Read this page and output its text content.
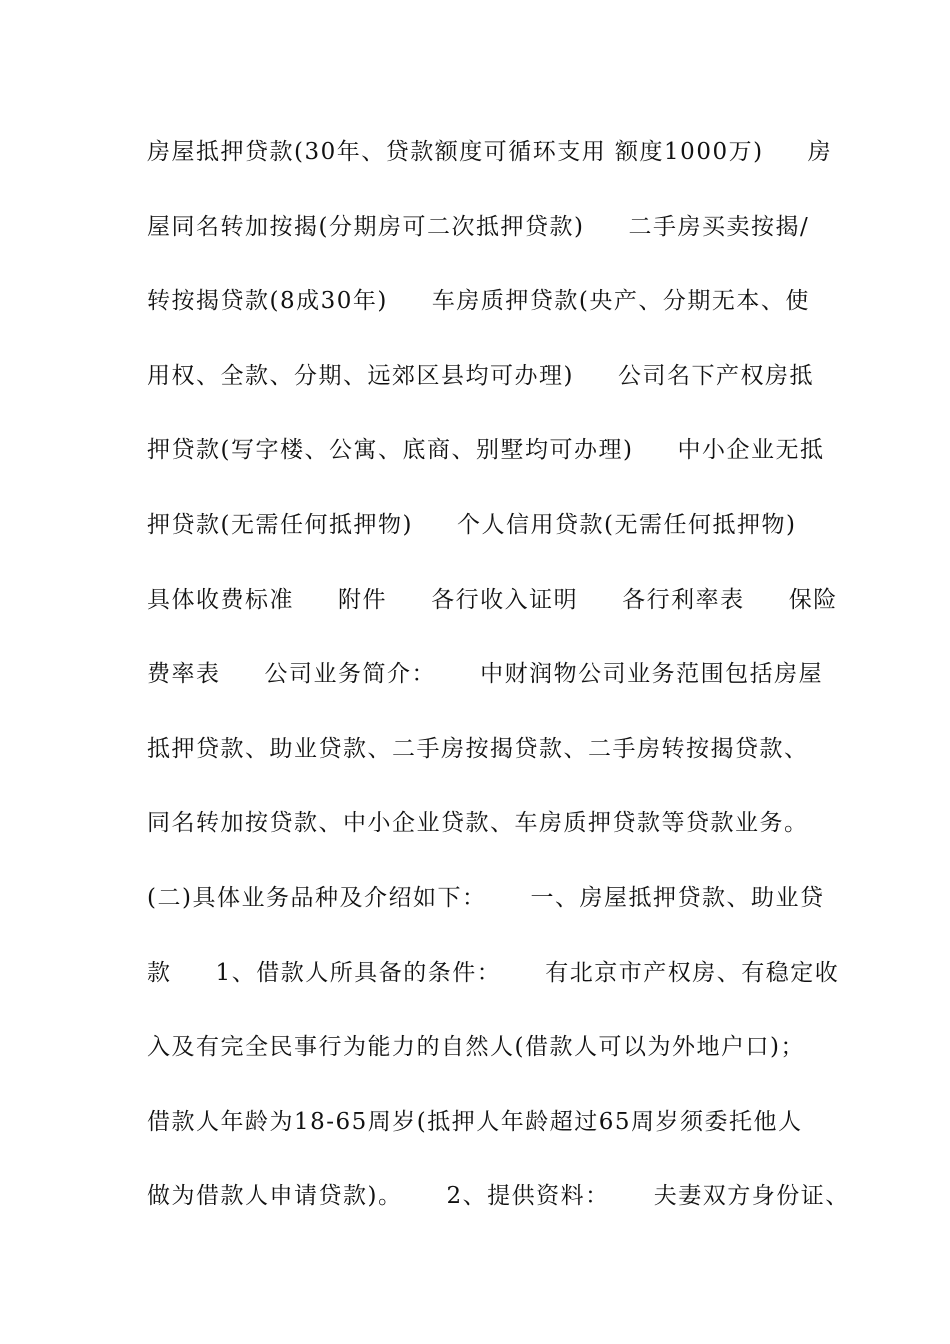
房屋抵押贷款(30年、贷款额度可循环支用 额度1000万)     房
屋同名转加按揭(分期房可二次抵押贷款)     二手房买卖按揭/
转按揭贷款(8成30年)     车房质押贷款(央产、分期无本、使
用权、全款、分期、远郊区县均可办理)     公司名下产权房抵
押贷款(写字楼、公寓、底商、别墅均可办理)     中小企业无抵
押贷款(无需任何抵押物)     个人信用贷款(无需任何抵押物)
具体收费标准     附件     各行收入证明     各行利率表     保险
费率表     公司业务简介：     中财润物公司业务范围包括房屋
抵押贷款、助业贷款、二手房按揭贷款、二手房转按揭贷款、
同名转加按贷款、中小企业贷款、车房质押贷款等贷款业务。
(二)具体业务品种及介绍如下：     一、房屋抵押贷款、助业贷
款     1、借款人所具备的条件：     有北京市产权房、有稳定收
入及有完全民事行为能力的自然人(借款人可以为外地户口)；
借款人年龄为18-65周岁(抵押人年龄超过65周岁须委托他人
做为借款人申请贷款)。     2、提供资料：     夫妻双方身份证、
